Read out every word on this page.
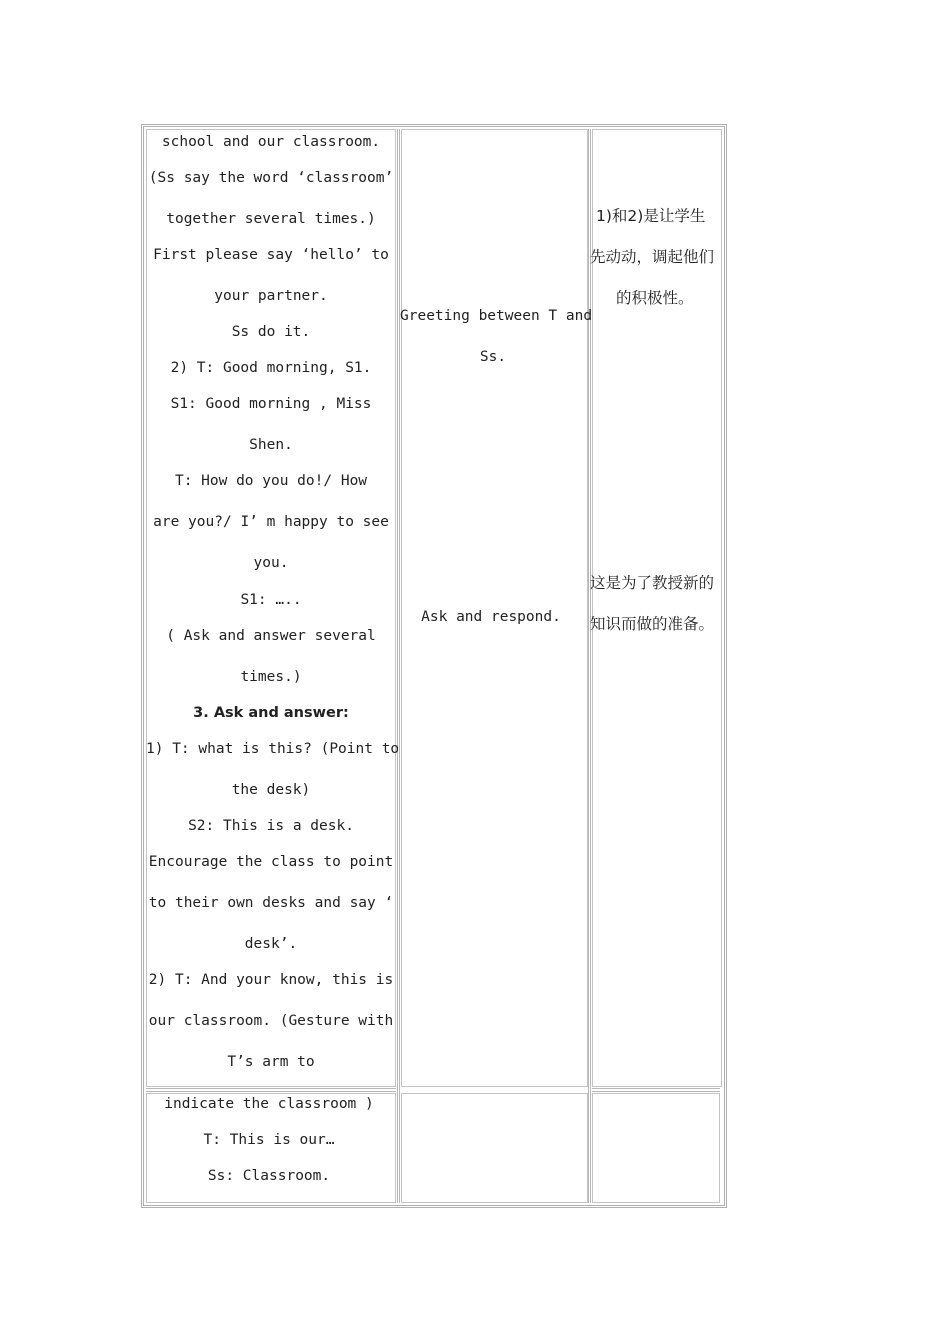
school and our classroom.
(Ss say the word ‘classroom’
together several times.)
First please say ‘hello’ to
your partner.
Ss do it.
2) T: Good morning, S1.
S1: Good morning , Miss
Shen.
T: How do you do!/ How
are you?/ I’ m happy to see
you.
S1: …..
( Ask and answer several
times.)
3. Ask and answer:
1) T: what is this? (Point to
the desk)
S2: This is a desk.
Encourage the class to point
to their own desks and say ‘
desk’.
2) T: And your know, this is
our classroom. (Gesture with
T’s arm to
Greeting between T and
Ss.
Ask and respond.
1)和2)是让学生
先动动，调起他们
的积极性。
这是为了教授新的
知识而做的准备。
indicate the classroom )
T: This is our…
Ss: Classroom.
